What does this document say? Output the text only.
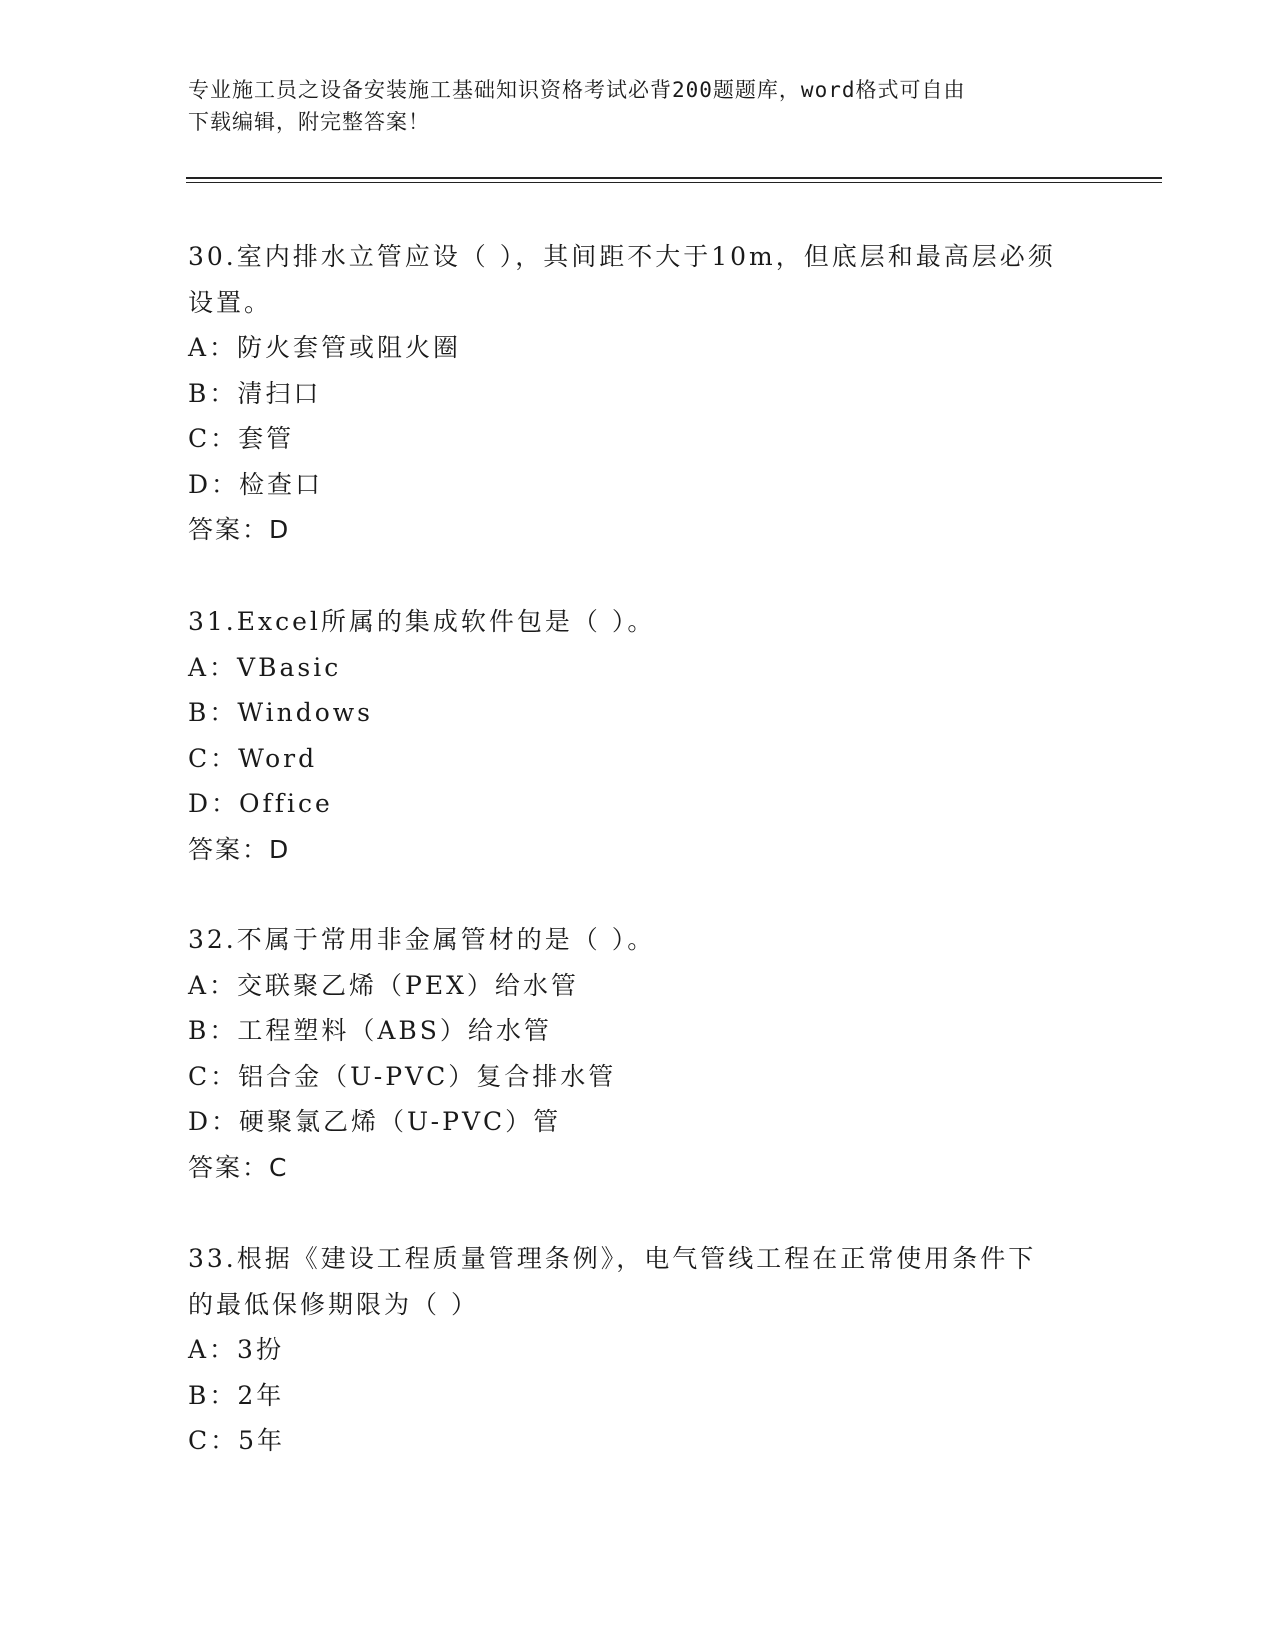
专业施工员之设备安装施工基础知识资格考试必背200题题库，word格式可自由
下载编辑，附完整答案！
30.室内排水立管应设（ ），其间距不大于10m，但底层和最高层必须
设置。
A：防火套管或阻火圈
B：清扫口
C：套管
D：检查口
答案：D
31.Excel所属的集成软件包是（ ）。
A：VBasic
B：Windows
C：Word
D：Office
答案：D
32.不属于常用非金属管材的是（ ）。
A：交联聚乙烯（PEX）给水管
B：工程塑料（ABS）给水管
C：铝合金（U-PVC）复合排水管
D：硬聚氯乙烯（U-PVC）管
答案：C
33.根据《建设工程质量管理条例》，电气管线工程在正常使用条件下
的最低保修期限为（ ）
A：3扮
B：2年
C：5年
